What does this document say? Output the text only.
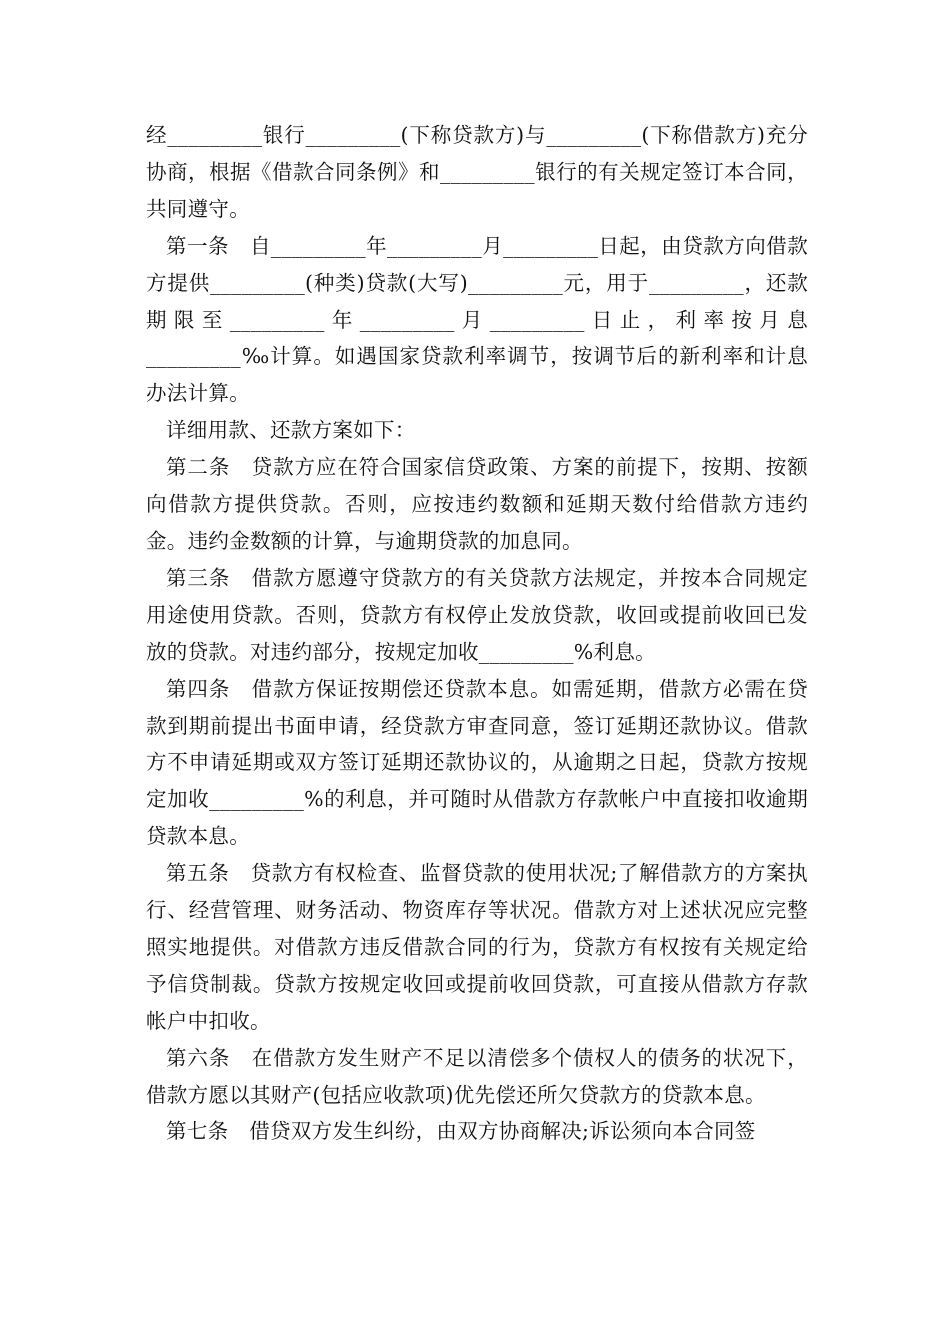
经_________银行_________(下称贷款方)与_________(下称借款方)充分协商，根据《借款合同条例》和_________银行的有关规定签订本合同，共同遵守。

第一条　自_________年_________月_________日起，由贷款方向借款方提供_________(种类)贷款(大写)_________元，用于_________，还款期限至_________年_________月_________日止，利率按月息_________‰计算。如遇国家贷款利率调节，按调节后的新利率和计息办法计算。

详细用款、还款方案如下：

第二条　贷款方应在符合国家信贷政策、方案的前提下，按期、按额向借款方提供贷款。否则，应按违约数额和延期天数付给借款方违约金。违约金数额的计算，与逾期贷款的加息同。

第三条　借款方愿遵守贷款方的有关贷款方法规定，并按本合同规定用途使用贷款。否则，贷款方有权停止发放贷款，收回或提前收回已发放的贷款。对违约部分，按规定加收_________%利息。

第四条　借款方保证按期偿还贷款本息。如需延期，借款方必需在贷款到期前提出书面申请，经贷款方审查同意，签订延期还款协议。借款方不申请延期或双方签订延期还款协议的，从逾期之日起，贷款方按规定加收_________%的利息，并可随时从借款方存款帐户中直接扣收逾期贷款本息。

第五条　贷款方有权检查、监督贷款的使用状况;了解借款方的方案执行、经营管理、财务活动、物资库存等状况。借款方对上述状况应完整照实地提供。对借款方违反借款合同的行为，贷款方有权按有关规定给予信贷制裁。贷款方按规定收回或提前收回贷款，可直接从借款方存款帐户中扣收。

第六条　在借款方发生财产不足以清偿多个债权人的债务的状况下，借款方愿以其财产(包括应收款项)优先偿还所欠贷款方的贷款本息。

第七条　借贷双方发生纠纷，由双方协商解决;诉讼须向本合同签
